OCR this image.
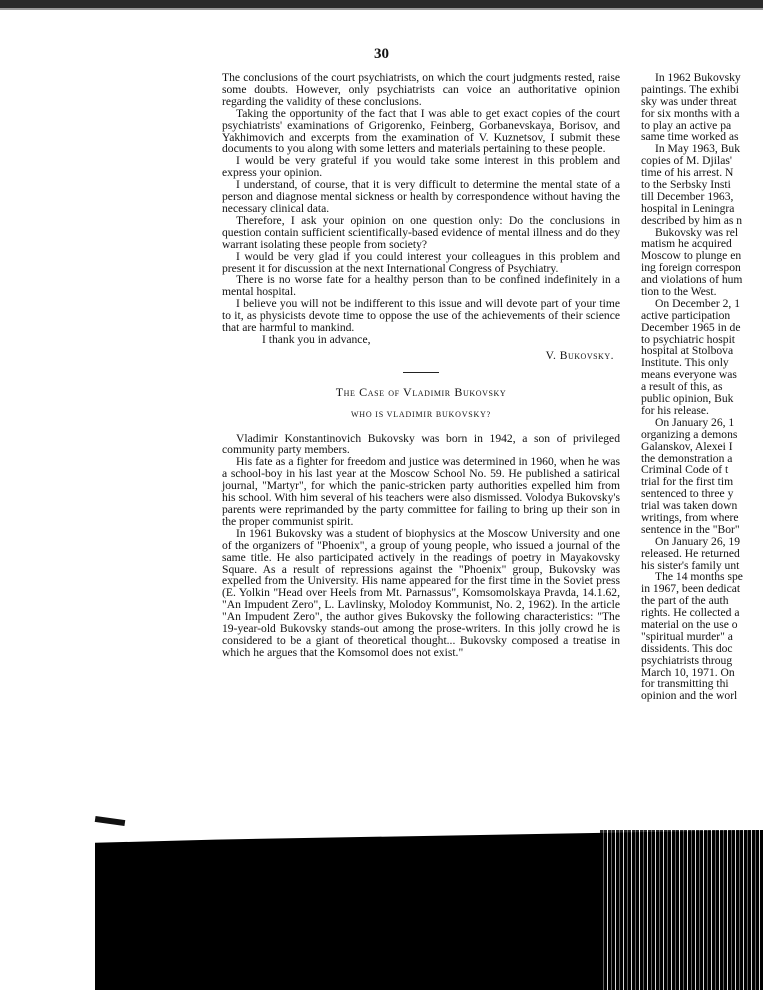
30

The conclusions of the court psychiatrists, on which the court judgments rested, raise some doubts. However, only psychiatrists can voice an authoritative opinion regarding the validity of these conclusions.

Taking the opportunity of the fact that I was able to get exact copies of the court psychiatrists' examinations of Grigorenko, Feinberg, Gorbanevskaya, Borisov, and Yakhimovich and excerpts from the examination of V. Kuznetsov, I submit these documents to you along with some letters and materials pertaining to these people.

I would be very grateful if you would take some interest in this problem and express your opinion.

I understand, of course, that it is very difficult to determine the mental state of a person and diagnose mental sickness or health by correspondence without having the necessary clinical data.

Therefore, I ask your opinion on one question only: Do the conclusions in question contain sufficient scientifically-based evidence of mental illness and do they warrant isolating these people from society?

I would be very glad if you could interest your colleagues in this problem and present it for discussion at the next International Congress of Psychiatry.

There is no worse fate for a healthy person than to be confined indefinitely in a mental hospital.

I believe you will not be indifferent to this issue and will devote part of your time to it, as physicists devote time to oppose the use of the achievements of their science that are harmful to mankind.

I thank you in advance,

V. Bukovsky.

The Case of Vladimir Bukovsky

WHO IS VLADIMIR BUKOVSKY?

Vladimir Konstantinovich Bukovsky was born in 1942, a son of privileged community party members.

His fate as a fighter for freedom and justice was determined in 1960, when he was a school-boy in his last year at the Moscow School No. 59. He published a satirical journal, "Martyr", for which the panic-stricken party authorities expelled him from his school. With him several of his teachers were also dismissed. Volodya Bukovsky's parents were reprimanded by the party committee for failing to bring up their son in the proper communist spirit.

In 1961 Bukovsky was a student of biophysics at the Moscow University and one of the organizers of "Phoenix", a group of young people, who issued a journal of the same title. He also participated actively in the readings of poetry in Mayakovsky Square. As a result of repressions against the "Phoenix" group, Bukovsky was expelled from the University. His name appeared for the first time in the Soviet press (E. Yolkin "Head over Heels from Mt. Parnassus", Komsomolskaya Pravda, 14.1.62, "An Impudent Zero", L. Lavlinsky, Molodoy Kommunist, No. 2, 1962). In the article "An Impudent Zero", the author gives Bukovsky the following characteristics: "The 19-year-old Bukovsky stands-out among the prose-writers. In this jolly crowd he is considered to be a giant of theoretical thought... Bukovsky composed a treatise in which he argues that the Komsomol does not exist."

In 1962 Bukovsky
paintings. The exhibi
sky was under threat
for six months with a
to play an active pa
same time worked as
In May 1963, Buk
copies of M. Djilas'
time of his arrest. N
to the Serbsky Insti
till December 1963,
hospital in Leningra
described by him as n
Bukovsky was rel
matism he acquired
Moscow to plunge en
ing foreign correspon
and violations of hum
tion to the West.
On December 2, 1
active participation
December 1965 in de
to psychiatric hospit
hospital at Stolbova
Institute. This only
means everyone was
a result of this, as
public opinion, Buk
for his release.
On January 26, 1
organizing a demons
Galanskov, Alexei I
the demonstration a
Criminal Code of t
trial for the first tim
sentenced to three y
trial was taken down
writings, from where
sentence in the "Bor"
On January 26, 19
released. He returned
his sister's family unt
The 14 months spe
in 1967, been dedicat
the part of the auth
rights. He collected a
material on the use o
"spiritual murder" a
dissidents. This doc
psychiatrists throug
March 10, 1971. On
for transmitting thi
opinion and the worl
